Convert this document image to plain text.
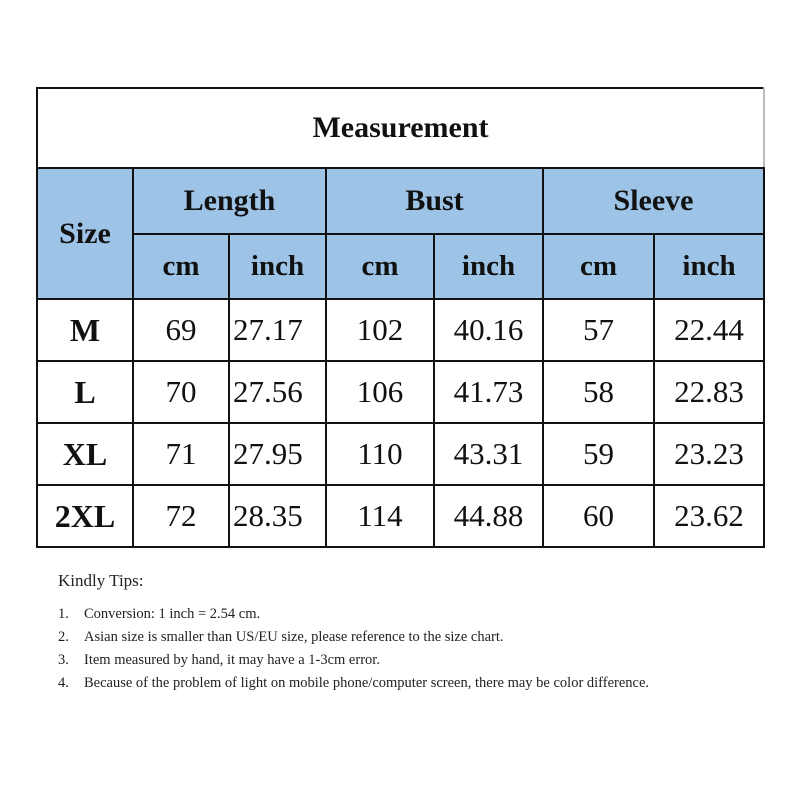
Measurement						
Size	Length		Bust		Sleeve	
	cm	inch	cm	inch	cm	inch
M	69	27.17	102	40.16	57	22.44
L	70	27.56	106	41.73	58	22.83
XL	71	27.95	110	43.31	59	23.23
2XL	72	28.35	114	44.88	60	23.62
Kindly Tips:
1. Conversion: 1 inch = 2.54 cm.
2. Asian size is smaller than US/EU size, please reference to the size chart.
3. Item measured by hand, it may have a 1-3cm error.
4. Because of the problem of light on mobile phone/computer screen, there may be color difference.
